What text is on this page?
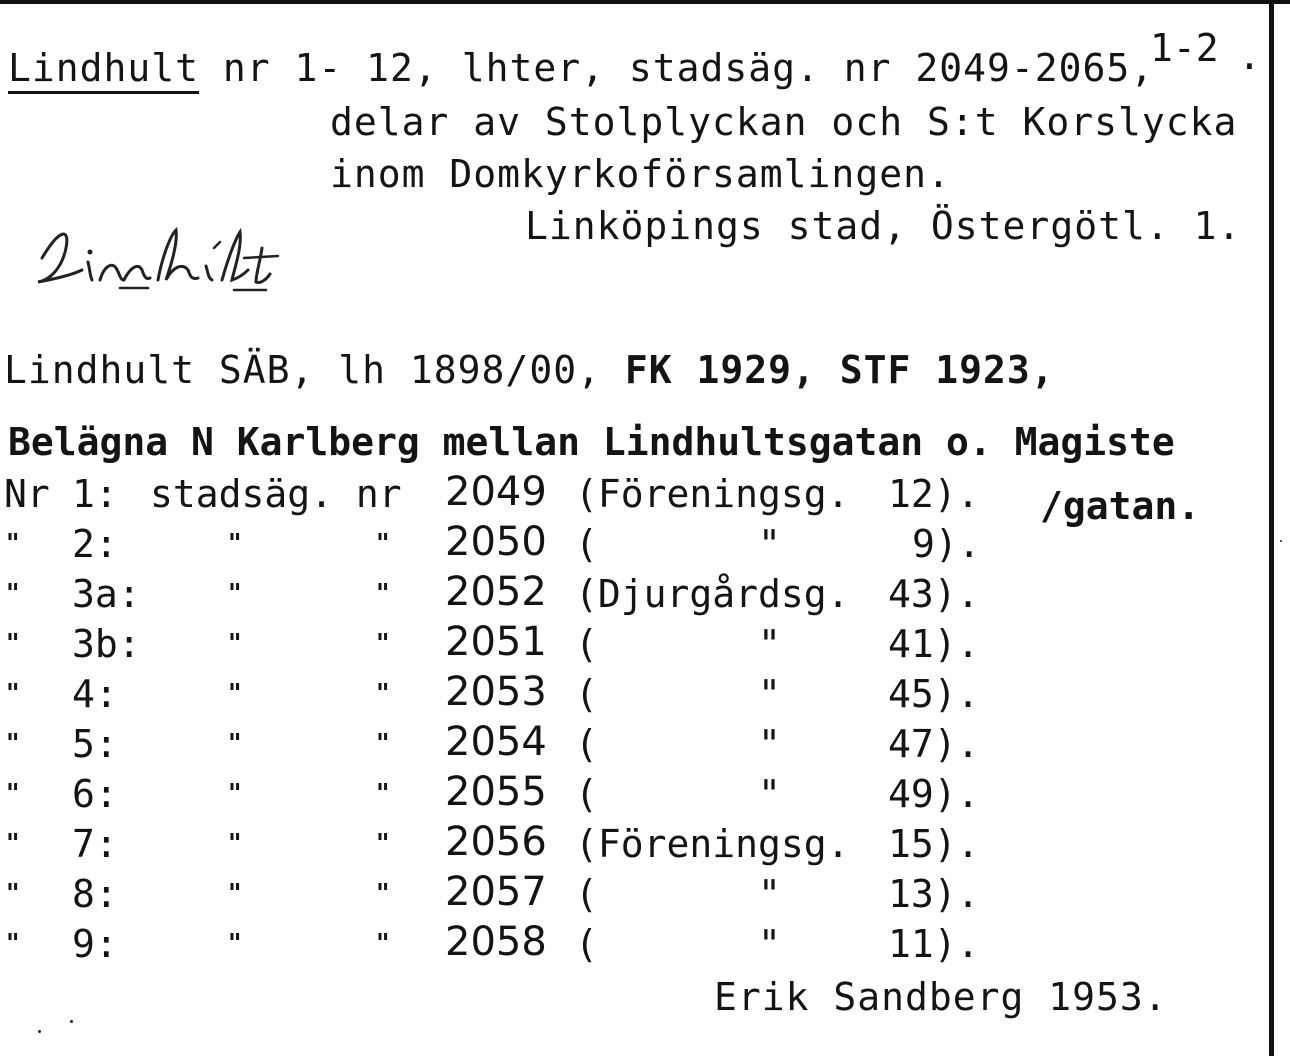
Lindhult nr 1- 12, lhter, stadsäg. nr 2049-2065,
1-2 .
delar av Stolplyckan och S:t Korslycka
inom Domkyrkoförsamlingen.
Linköpings stad, Östergötl. 1.
Lindhult SÄB, lh 1898/00, FK 1929, STF 1923,
Belägna N Karlberg mellan Lindhultsgatan o. Magiste
/gatan.
Nr 1: stadsäg. nr 2049 (Föreningsg. 12).
" 2:	"	" 2050 (       "	9).
" 3a:	"	" 2052 (Djurgårdsg. 43).
" 3b:	"	" 2051 (       "	41).
" 4:	"	" 2053 (       "	45).
" 5:	"	" 2054 (       "	47).
" 6:	"	" 2055 (       "	49).
" 7:	"	" 2056 (Föreningsg. 15).
" 8:	"	" 2057 (       "	13).
" 9:	"	" 2058 (       "	11).
Erik Sandberg 1953.
